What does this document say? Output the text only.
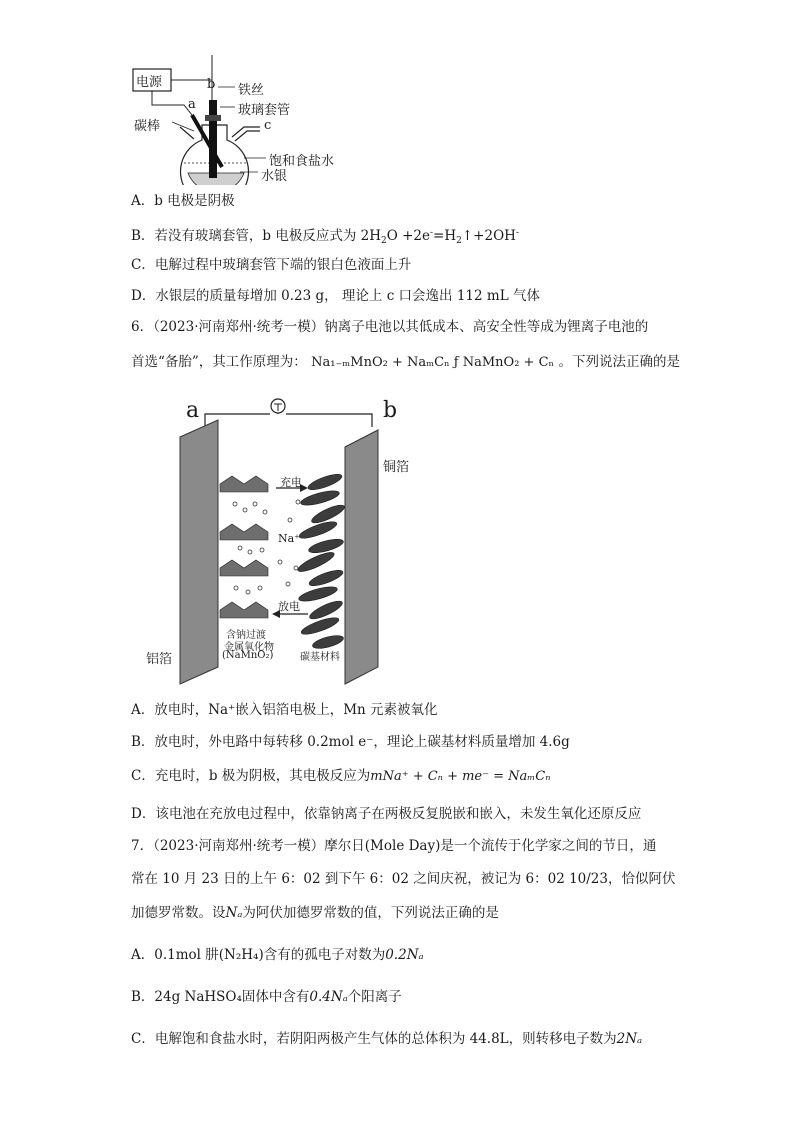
电源	b
a
c
碳棒
铁丝
玻璃套管
饱和食盐水
水银
A．b 电极是阴极
B．若没有玻璃套管，b 电极反应式为 $2H_2O$ $+2e^-=H_2↑+2OH^-$
C．电解过程中玻璃套管下端的银白色液面上升
D．水银层的质量每增加 0.23 g， 理论上 c 口会逸出 112 mL 气体
6．（2023·河南郑州·统考一模）钠离子电池以其低成本、高安全性等成为锂离子电池的
首选“备胎”，其工作原理为： Na₁₋ₘMnO₂ + NaₘCₙ ƒ NaMnO₂ + Cₙ 。下列说法正确的是
a	b
铜箔
铝箔
充电
放电
Na⁺
含钠过渡
金属氧化物
(NaMnO₂)	碳基材料
A．放电时，Na⁺嵌入铝箔电极上，Mn 元素被氧化
B．放电时，外电路中每转移 0.2mol e⁻，理论上碳基材料质量增加 4.6g
C．充电时，b 极为阴极，其电极反应为mNa⁺ + Cₙ + me⁻ = NaₘCₙ
D．该电池在充放电过程中，依靠钠离子在两极反复脱嵌和嵌入，未发生氧化还原反应
7．（2023·河南郑州·统考一模）摩尔日(Mole Day)是一个流传于化学家之间的节日，通
常在 10 月 23 日的上午 6：02 到下午 6：02 之间庆祝，被记为 6：02 10/23，恰似阿伏
加德罗常数。设Nₐ为阿伏加德罗常数的值，下列说法正确的是
A．0.1mol 肼(N₂H₄)含有的孤电子对数为0.2Nₐ
B．24g NaHSO₄固体中含有0.4Nₐ个阳离子
C．电解饱和食盐水时，若阴阳两极产生气体的总体积为 44.8L，则转移电子数为2Nₐ
